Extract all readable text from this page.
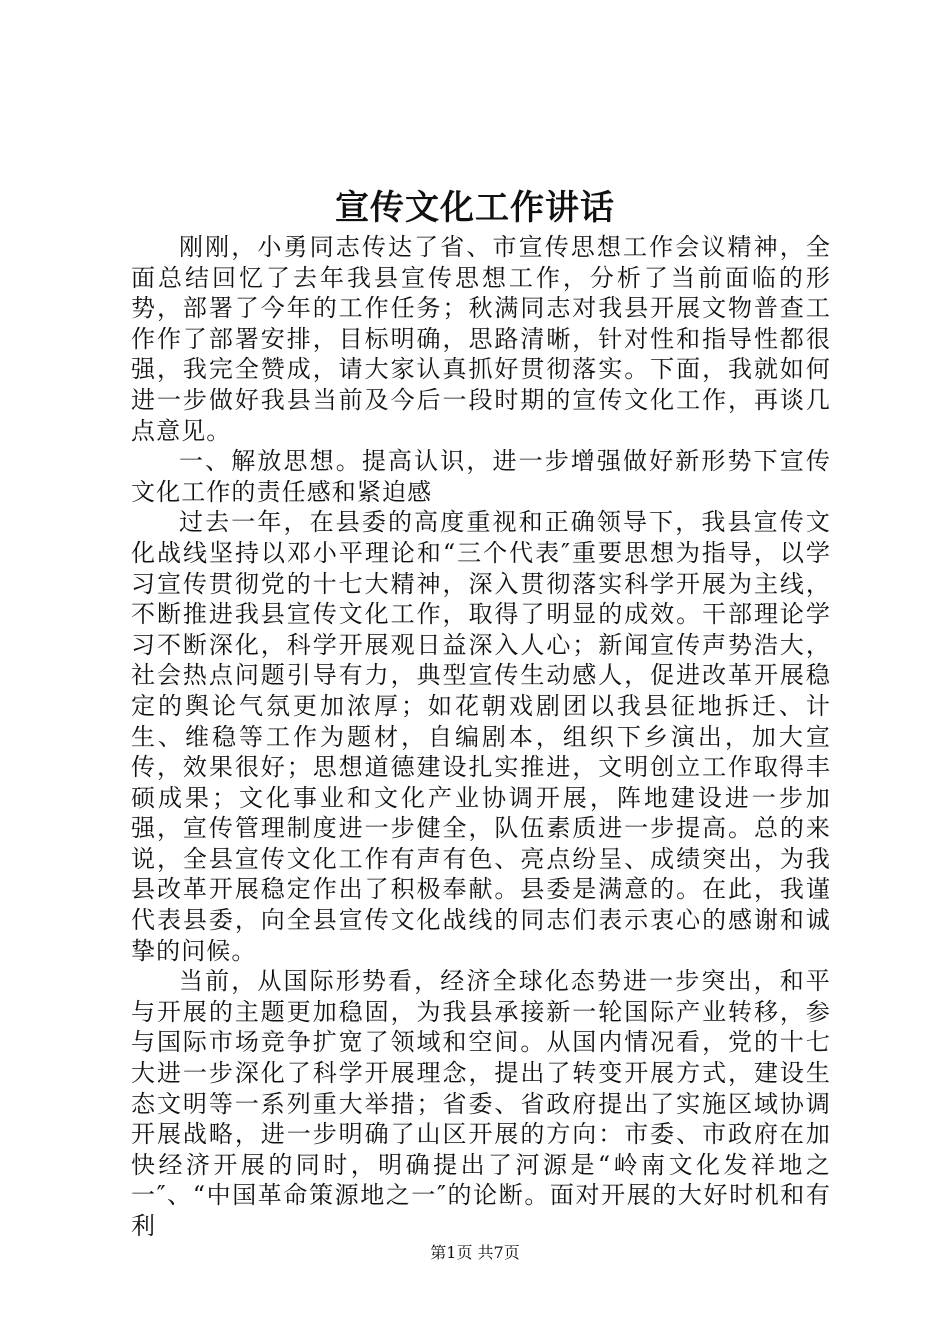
宣传文化工作讲话

刚刚，小勇同志传达了省、市宣传思想工作会议精神，全面总结回忆了去年我县宣传思想工作，分析了当前面临的形势，部署了今年的工作任务；秋满同志对我县开展文物普查工作作了部署安排，目标明确，思路清晰，针对性和指导性都很强，我完全赞成，请大家认真抓好贯彻落实。下面，我就如何进一步做好我县当前及今后一段时期的宣传文化工作，再谈几点意见。

一、解放思想。提高认识，进一步增强做好新形势下宣传文化工作的责任感和紧迫感

过去一年，在县委的高度重视和正确领导下，我县宣传文化战线坚持以邓小平理论和“三个代表″重要思想为指导，以学习宣传贯彻党的十七大精神，深入贯彻落实科学开展为主线，不断推进我县宣传文化工作，取得了明显的成效。干部理论学习不断深化，科学开展观日益深入人心；新闻宣传声势浩大，社会热点问题引导有力，典型宣传生动感人，促进改革开展稳定的舆论气氛更加浓厚；如花朝戏剧团以我县征地拆迁、计生、维稳等工作为题材，自编剧本，组织下乡演出，加大宣传，效果很好；思想道德建设扎实推进，文明创立工作取得丰硕成果；文化事业和文化产业协调开展，阵地建设进一步加强，宣传管理制度进一步健全，队伍素质进一步提高。总的来说，全县宣传文化工作有声有色、亮点纷呈、成绩突出，为我县改革开展稳定作出了积极奉献。县委是满意的。在此，我谨代表县委，向全县宣传文化战线的同志们表示衷心的感谢和诚挚的问候。

当前，从国际形势看，经济全球化态势进一步突出，和平与开展的主题更加稳固，为我县承接新一轮国际产业转移，参与国际市场竞争扩宽了领域和空间。从国内情况看，党的十七大进一步深化了科学开展理念，提出了转变开展方式，建设生态文明等一系列重大举措；省委、省政府提出了实施区域协调开展战略，进一步明确了山区开展的方向：市委、市政府在加快经济开展的同时，明确提出了河源是“岭南文化发祥地之一″、“中国革命策源地之一″的论断。面对开展的大好时机和有利

第1页 共7页
